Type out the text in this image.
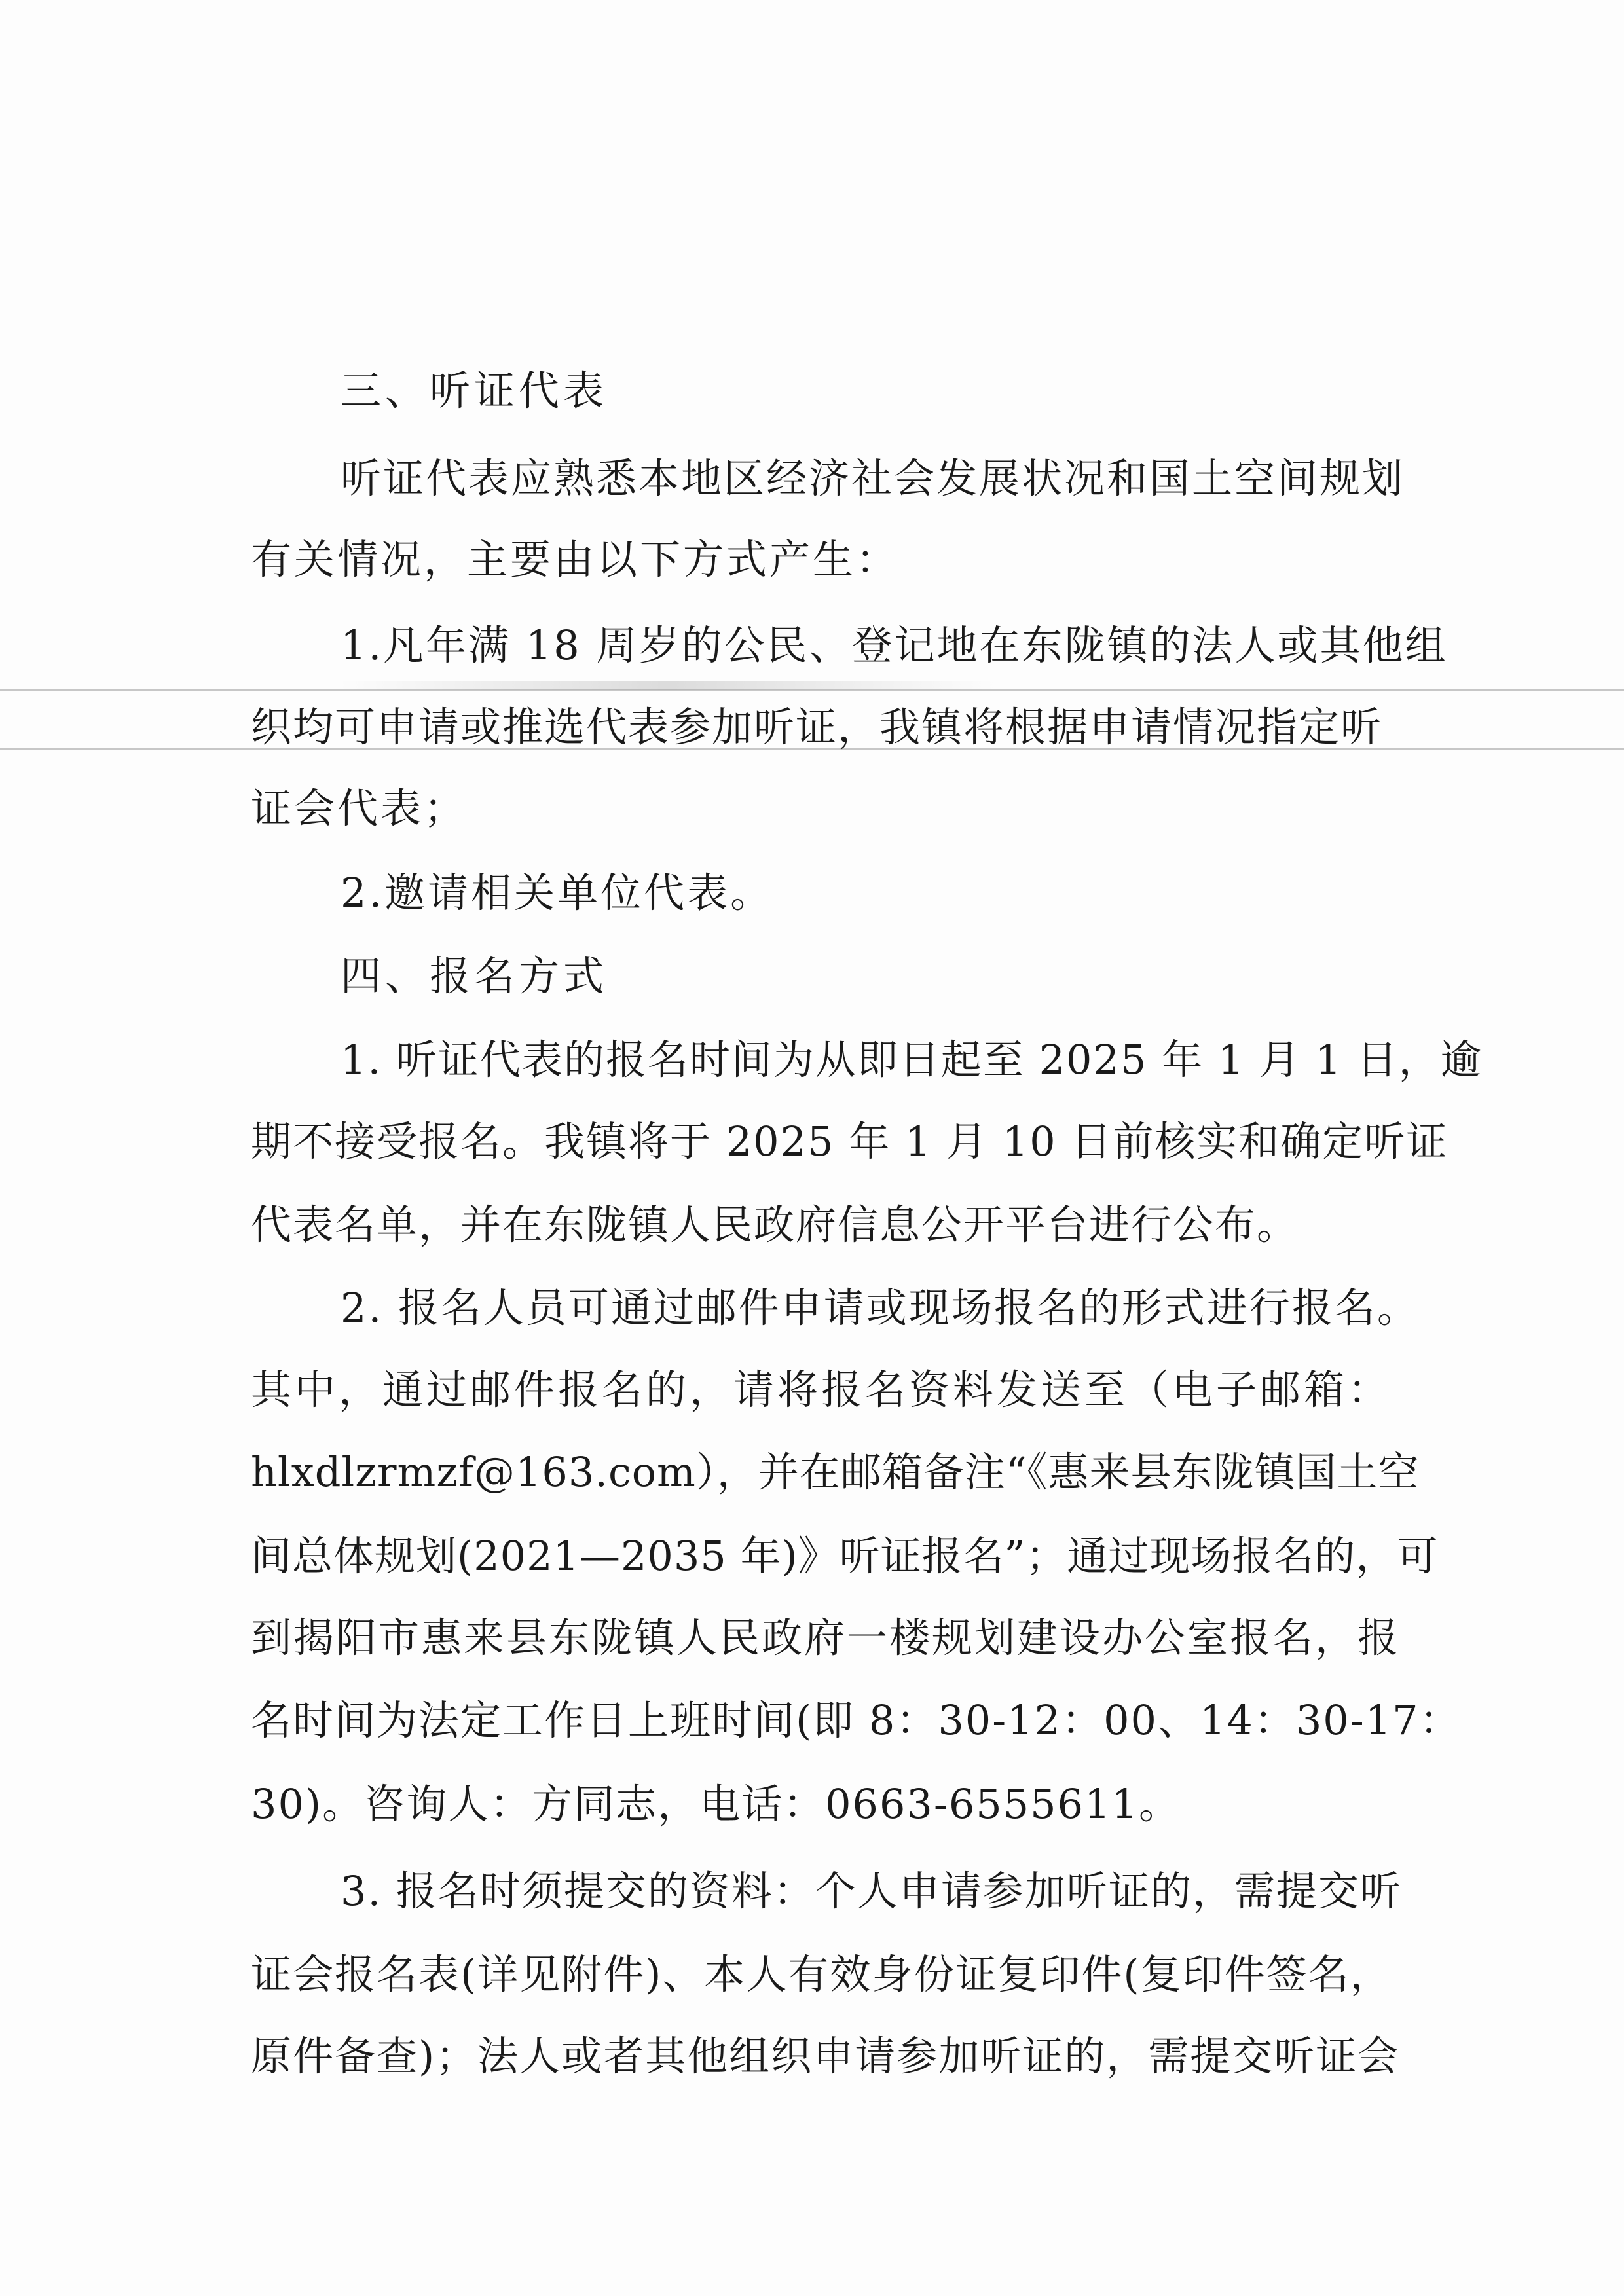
三、听证代表
听证代表应熟悉本地区经济社会发展状况和国土空间规划
有关情况，主要由以下方式产生：
1.凡年满 18 周岁的公民、登记地在东陇镇的法人或其他组
织均可申请或推选代表参加听证，我镇将根据申请情况指定听
证会代表；
2.邀请相关单位代表。
四、报名方式
1. 听证代表的报名时间为从即日起至 2025 年 1 月 1 日，逾
期不接受报名。我镇将于 2025 年 1 月 10 日前核实和确定听证
代表名单，并在东陇镇人民政府信息公开平台进行公布。
2. 报名人员可通过邮件申请或现场报名的形式进行报名。
其中，通过邮件报名的，请将报名资料发送至（电子邮箱：
hlxdlzrmzf@163.com），并在邮箱备注“《惠来县东陇镇国土空
间总体规划(2021—2035 年)》听证报名”；通过现场报名的，可
到揭阳市惠来县东陇镇人民政府一楼规划建设办公室报名，报
名时间为法定工作日上班时间(即 8：30-12：00、14：30-17：
30)。咨询人：方同志，电话：0663-6555611。
3. 报名时须提交的资料：个人申请参加听证的，需提交听
证会报名表(详见附件)、本人有效身份证复印件(复印件签名，
原件备查)；法人或者其他组织申请参加听证的，需提交听证会
